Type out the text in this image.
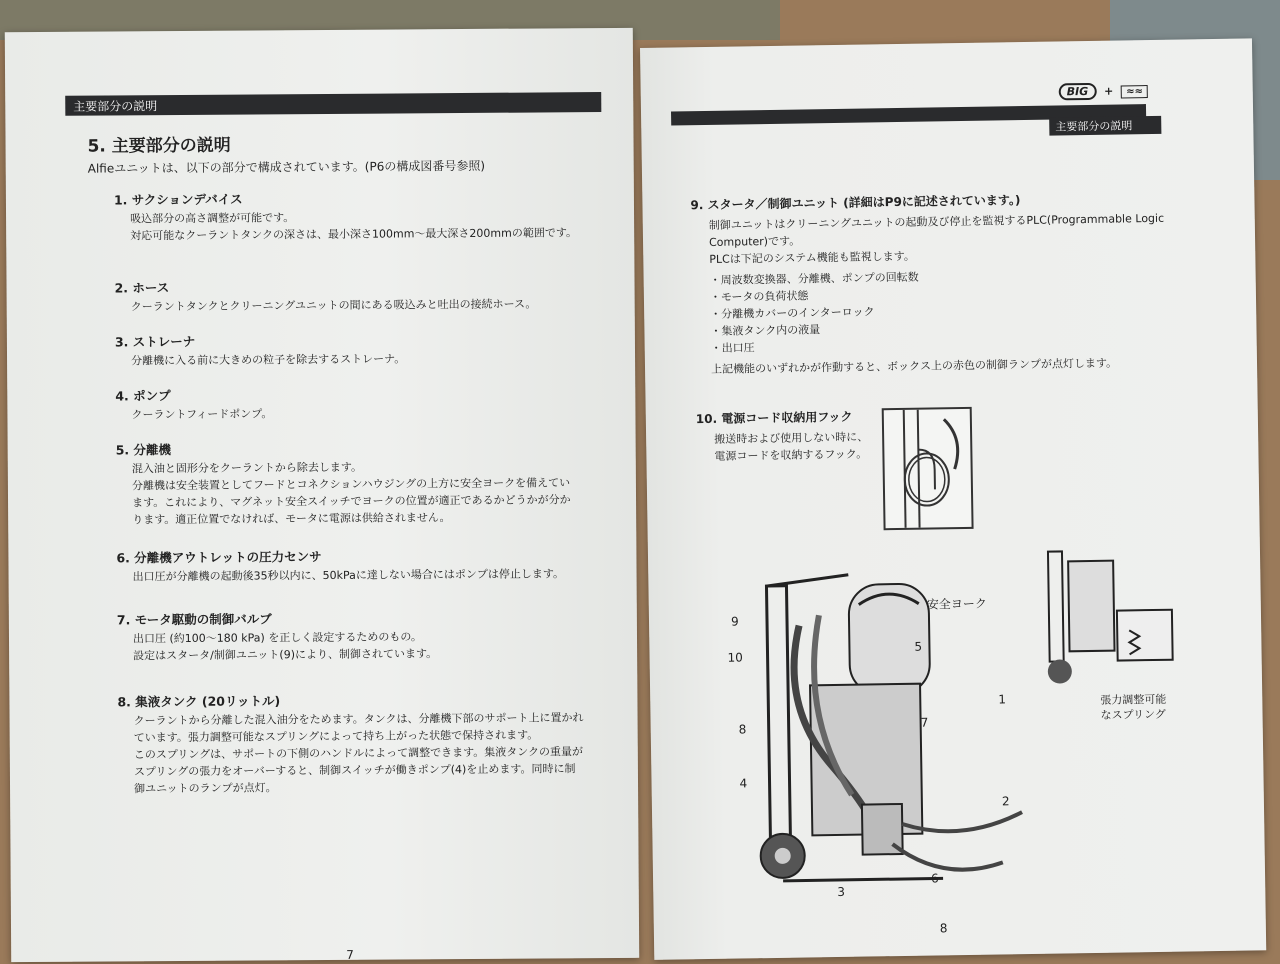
主要部分の説明
5. 主要部分の説明
Alfieユニットは、以下の部分で構成されています。(P6の構成図番号参照)
1. サクションデバイス
吸込部分の高さ調整が可能です。
対応可能なクーラントタンクの深さは、最小深さ100mm～最大深さ200mmの範囲です。
2. ホース
クーラントタンクとクリーニングユニットの間にある吸込みと吐出の接続ホース。
3. ストレーナ
分離機に入る前に大きめの粒子を除去するストレーナ。
4. ポンプ
クーラントフィードポンプ。
5. 分離機
混入油と固形分をクーラントから除去します。
分離機は安全装置としてフードとコネクションハウジングの上方に安全ヨークを備えてい
ます。これにより、マグネット安全スイッチでヨークの位置が適正であるかどうかが分か
ります。適正位置でなければ、モータに電源は供給されません。
6. 分離機アウトレットの圧力センサ
出口圧が分離機の起動後35秒以内に、50kPaに達しない場合にはポンプは停止します。
7. モータ駆動の制御バルブ
出口圧 (約100～180 kPa) を正しく設定するためのもの。
設定はスタータ/制御ユニット(9)により、制御されています。
8. 集液タンク (20リットル)
クーラントから分離した混入油分をためます。タンクは、分離機下部のサポート上に置かれ
ています。張力調整可能なスプリングによって持ち上がった状態で保持されます。
このスプリングは、サポートの下側のハンドルによって調整できます。集液タンクの重量が
スプリングの張力をオーバーすると、制御スイッチが働きポンプ(4)を止めます。同時に制
御ユニットのランプが点灯。
7
BIG + ≈≈
主要部分の説明
9. スタータ／制御ユニット (詳細はP9に記述されています。)
制御ユニットはクリーニングユニットの起動及び停止を監視するPLC(Programmable Logic
Computer)です。
PLCは下記のシステム機能も監視します。
・ 周波数変換器、分離機、ポンプの回転数
・ モータの負荷状態
・ 分離機カバーのインターロック
・ 集液タンク内の液量
・ 出口圧
上記機能のいずれかが作動すると、ボックス上の赤色の制御ランプが点灯します。
10. 電源コード収納用フック
搬送時および使用しない時に、
電源コードを収納するフック。
安全ヨーク
9
10
5
1
7
8
4
2
3
6
張力調整可能
なスプリング
8
